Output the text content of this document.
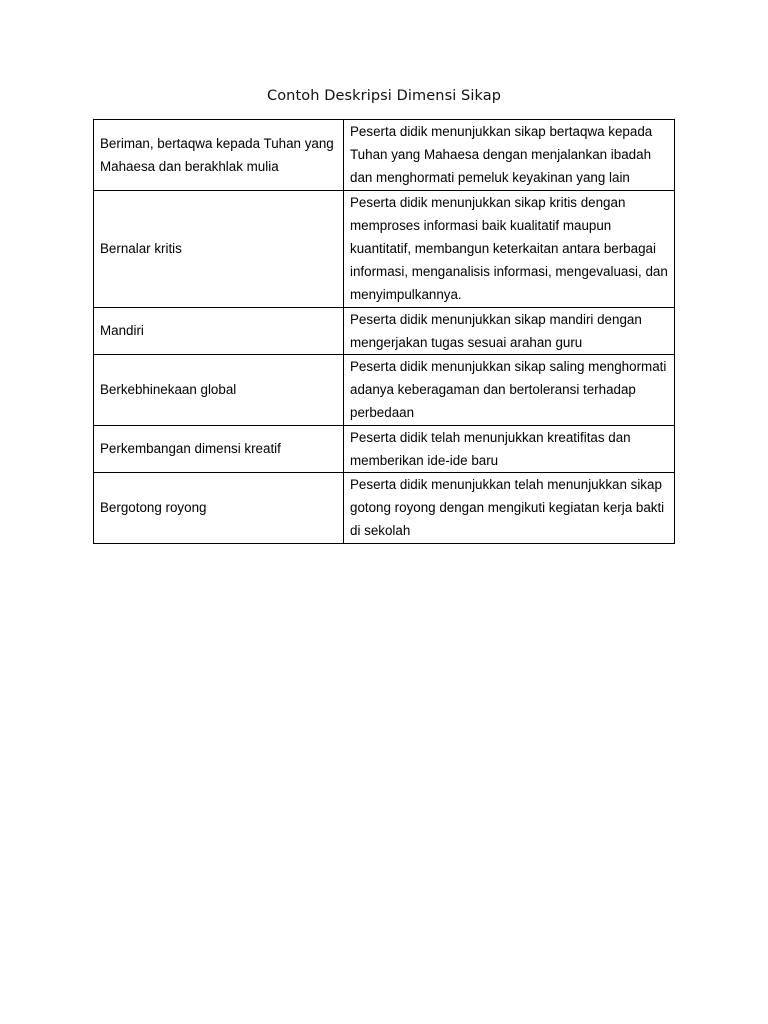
Contoh Deskripsi Dimensi Sikap
Beriman, bertaqwa kepada Tuhan yang Mahaesa dan berakhlak mulia	Peserta didik menunjukkan sikap bertaqwa kepada Tuhan yang Mahaesa dengan menjalankan ibadah dan menghormati pemeluk keyakinan yang lain
Bernalar kritis	Peserta didik menunjukkan sikap kritis dengan memproses informasi baik kualitatif maupun kuantitatif, membangun keterkaitan antara berbagai informasi, menganalisis informasi, mengevaluasi, dan menyimpulkannya.
Mandiri	Peserta didik menunjukkan sikap mandiri dengan mengerjakan tugas sesuai arahan guru
Berkebhinekaan global	Peserta didik menunjukkan sikap saling menghormati adanya keberagaman dan bertoleransi terhadap perbedaan
Perkembangan dimensi kreatif	Peserta didik telah menunjukkan kreatifitas dan memberikan ide-ide baru
Bergotong royong	Peserta didik menunjukkan telah menunjukkan sikap gotong royong dengan mengikuti kegiatan kerja bakti di sekolah
